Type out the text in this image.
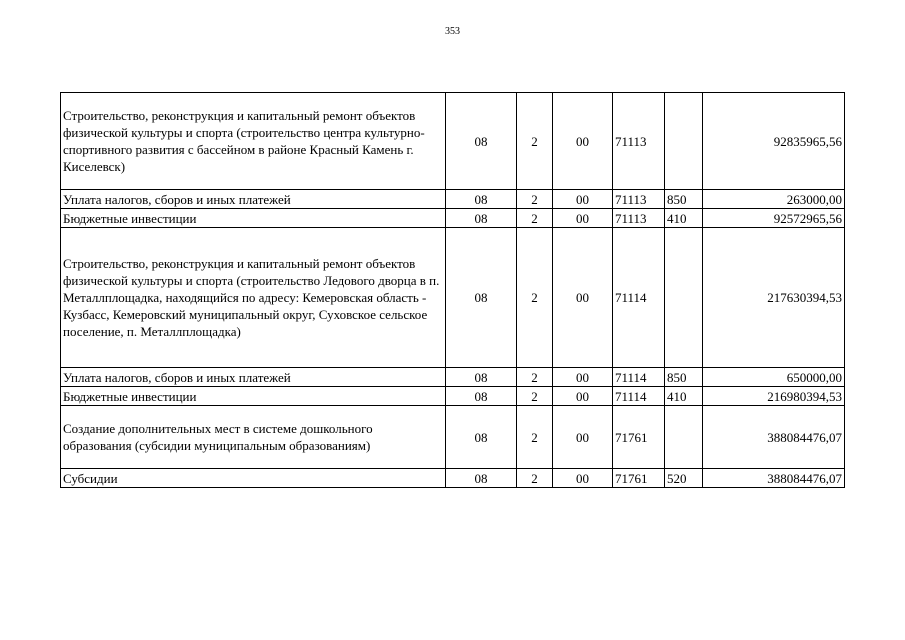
353
Строительство, реконструкция и капитальный ремонт объектов физической культуры и спорта (строительство центра культурно-спортивного развития с бассейном в районе Красный Камень г. Киселевск)	08	2	00	71113		92835965,56
Уплата налогов, сборов и иных платежей	08	2	00	71113	850	263000,00
Бюджетные инвестиции	08	2	00	71113	410	92572965,56
Строительство, реконструкция и капитальный ремонт объектов физической культуры и спорта (строительство Ледового дворца в п. Металлплощадка, находящийся по адресу: Кемеровская область - Кузбасс, Кемеровский муниципальный округ, Суховское сельское поселение, п. Металлплощадка)	08	2	00	71114		217630394,53
Уплата налогов, сборов и иных платежей	08	2	00	71114	850	650000,00
Бюджетные инвестиции	08	2	00	71114	410	216980394,53
Создание дополнительных мест в системе дошкольного образования (субсидии муниципальным образованиям)	08	2	00	71761		388084476,07
Субсидии	08	2	00	71761	520	388084476,07
